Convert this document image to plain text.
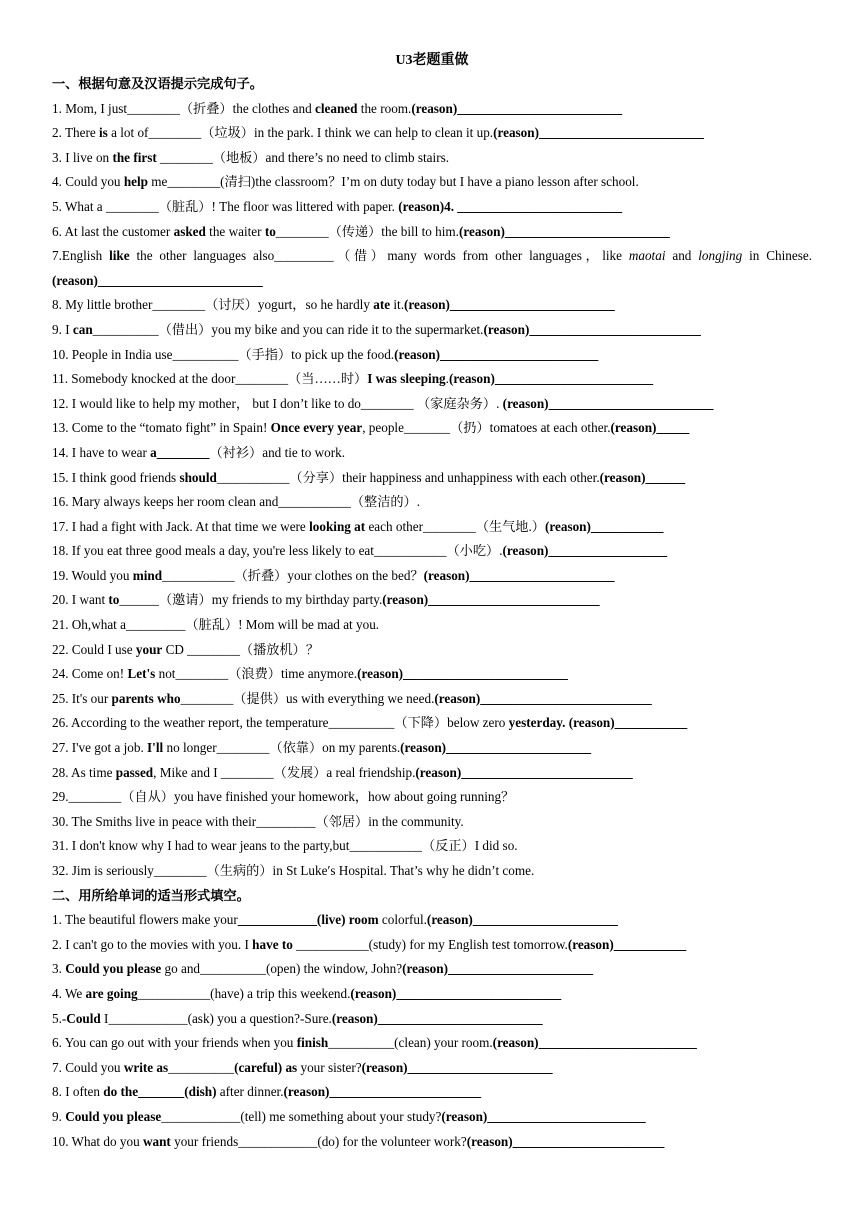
U3老题重做
一、根据句意及汉语提示完成句子。
1. Mom, I just________（折叠）the clothes and cleaned the room.(reason)_________________________
2. There is a lot of________（垃圾）in the park. I think we can help to clean it up.(reason)_________________________
3. I live on the first ________（地板）and there’s no need to climb stairs.
4. Could you help me________(清扫)the classroom？I’m on duty today but I have a piano lesson after school.
5. What a ________（脏乱）! The floor was littered with paper. (reason)4. _________________________
6. At last the customer asked the waiter to________（传递）the bill to him.(reason)_________________________
7.English like the other languages also_________（借）many words from other languages，like maotai and longjing in Chinese.(reason)_________________________
8. My little brother________（讨厌）yogurt，so he hardly ate it.(reason)_________________________
9. I can__________（借出）you my bike and you can ride it to the supermarket.(reason)__________________________
10. People in India use__________（手指）to pick up the food.(reason)________________________
11. Somebody knocked at the door________（当……时）I was sleeping.(reason)________________________
12. I would like to help my mother， but I don’t like to do________ （家庭杂务）. (reason)_________________________
13. Come to the “tomato fight” in Spain! Once every year, people_______（扔）tomatoes at each other.(reason)_____
14. I have to wear a________（衬衫）and tie to work.
15. I think good friends should___________（分享）their happiness and unhappiness with each other.(reason)______
16. Mary always keeps her room clean and___________（整洁的）.
17. I had a fight with Jack. At that time we were looking at each other________（生气地.）(reason)___________
18. If you eat three good meals a day, you're less likely to eat___________（小吃）.(reason)__________________
19. Would you mind___________（折叠）your clothes on the bed？(reason)______________________
20. I want to______（邀请）my friends to my birthday party.(reason)__________________________
21. Oh,what a_________（脏乱）! Mom will be mad at you.
22. Could I use your CD ________（播放机）？
24. Come on! Let's not________（浪费）time anymore.(reason)_________________________
25. It's our parents who________（提供）us with everything we need.(reason)__________________________
26. According to the weather report, the temperature__________（下降）below zero yesterday. (reason)___________
27. I've got a job. I'll no longer________（依靠）on my parents.(reason)______________________
28. As time passed, Mike and I ________（发展）a real friendship.(reason)__________________________
29.________（自从）you have finished your homework，how about going running？
30. The Smiths live in peace with their_________（邻居）in the community.
31. I don't know why I had to wear jeans to the party,but___________（反正）I did so.
32. Jim is seriously________（生病的）in St Luke′s Hospital. That’s why he didn’t come.
二、用所给单词的适当形式填空。
1. The beautiful flowers make your____________(live) room colorful.(reason)______________________
2. I can't go to the movies with you. I have to ___________(study) for my English test tomorrow.(reason)___________
3. Could you please go and__________(open) the window, John?(reason)______________________
4. We are going___________(have) a trip this weekend.(reason)_________________________
5.-Could I____________(ask) you a question?-Sure.(reason)_________________________
6. You can go out with your friends when you finish__________(clean) your room.(reason)________________________
7. Could you write as__________(careful) as your sister?(reason)______________________
8. I often do the_______(dish) after dinner.(reason)_______________________
9. Could you please____________(tell) me something about your study?(reason)________________________
10. What do you want your friends____________(do) for the volunteer work?(reason)_______________________
